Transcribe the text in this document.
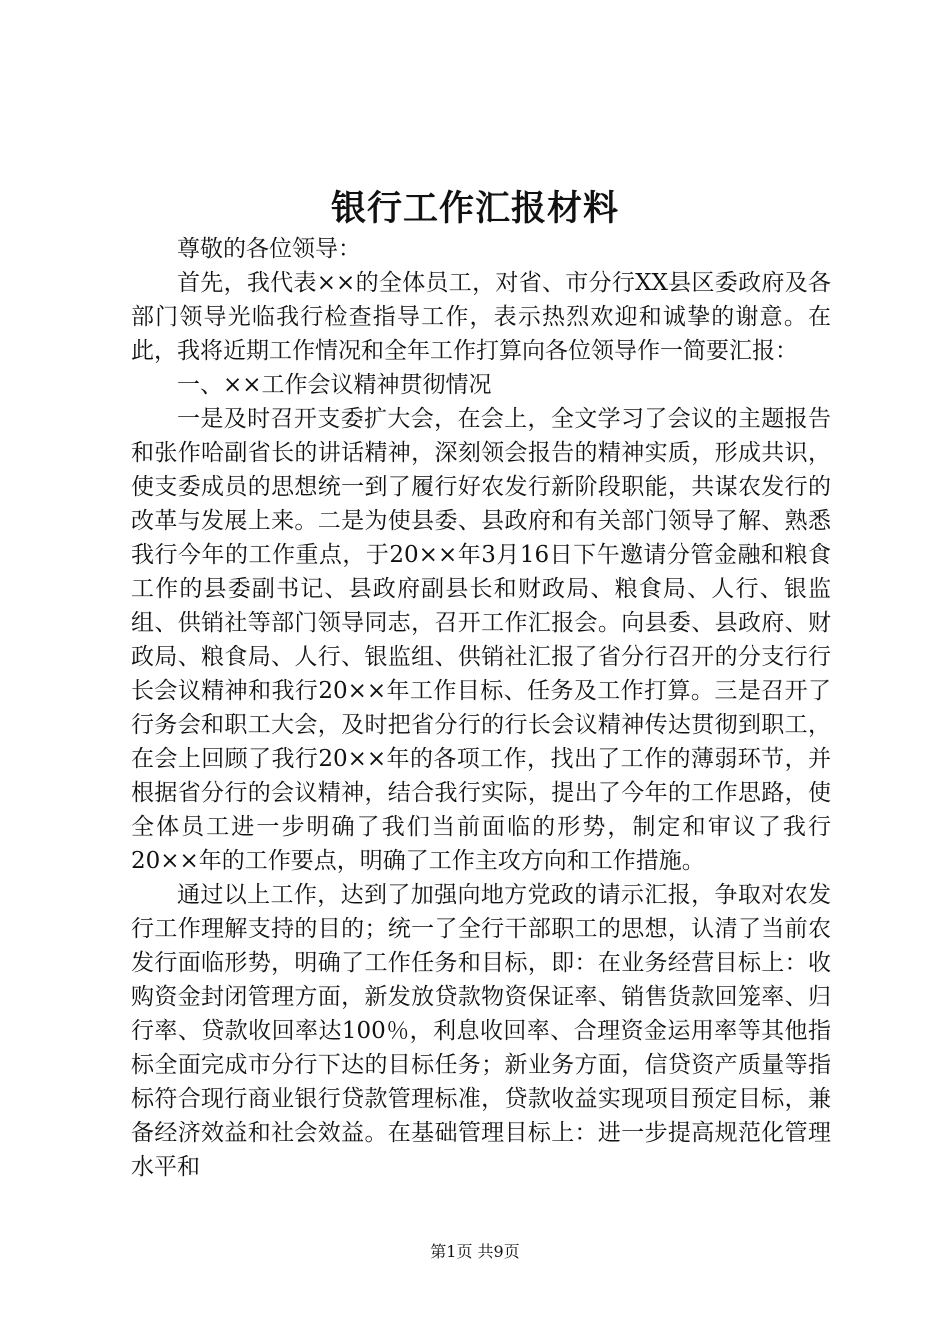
银行工作汇报材料

尊敬的各位领导：

首先，我代表××的全体员工，对省、市分行XX县区委政府及各部门领导光临我行检查指导工作，表示热烈欢迎和诚挚的谢意。在此，我将近期工作情况和全年工作打算向各位领导作一简要汇报：

一、××工作会议精神贯彻情况

一是及时召开支委扩大会，在会上，全文学习了会议的主题报告和张作哈副省长的讲话精神，深刻领会报告的精神实质，形成共识，使支委成员的思想统一到了履行好农发行新阶段职能，共谋农发行的改革与发展上来。二是为使县委、县政府和有关部门领导了解、熟悉我行今年的工作重点，于20××年3月16日下午邀请分管金融和粮食工作的县委副书记、县政府副县长和财政局、粮食局、人行、银监组、供销社等部门领导同志，召开工作汇报会。向县委、县政府、财政局、粮食局、人行、银监组、供销社汇报了省分行召开的分支行行长会议精神和我行20××年工作目标、任务及工作打算。三是召开了行务会和职工大会，及时把省分行的行长会议精神传达贯彻到职工，在会上回顾了我行20××年的各项工作，找出了工作的薄弱环节，并根据省分行的会议精神，结合我行实际，提出了今年的工作思路，使全体员工进一步明确了我们当前面临的形势，制定和审议了我行20××年的工作要点，明确了工作主攻方向和工作措施。

通过以上工作，达到了加强向地方党政的请示汇报，争取对农发行工作理解支持的目的；统一了全行干部职工的思想，认清了当前农发行面临形势，明确了工作任务和目标，即：在业务经营目标上：收购资金封闭管理方面，新发放贷款物资保证率、销售货款回笼率、归行率、贷款收回率达100％，利息收回率、合理资金运用率等其他指标全面完成市分行下达的目标任务；新业务方面，信贷资产质量等指标符合现行商业银行贷款管理标准，贷款收益实现项目预定目标，兼备经济效益和社会效益。在基础管理目标上：进一步提高规范化管理水平和

第1页 共9页
